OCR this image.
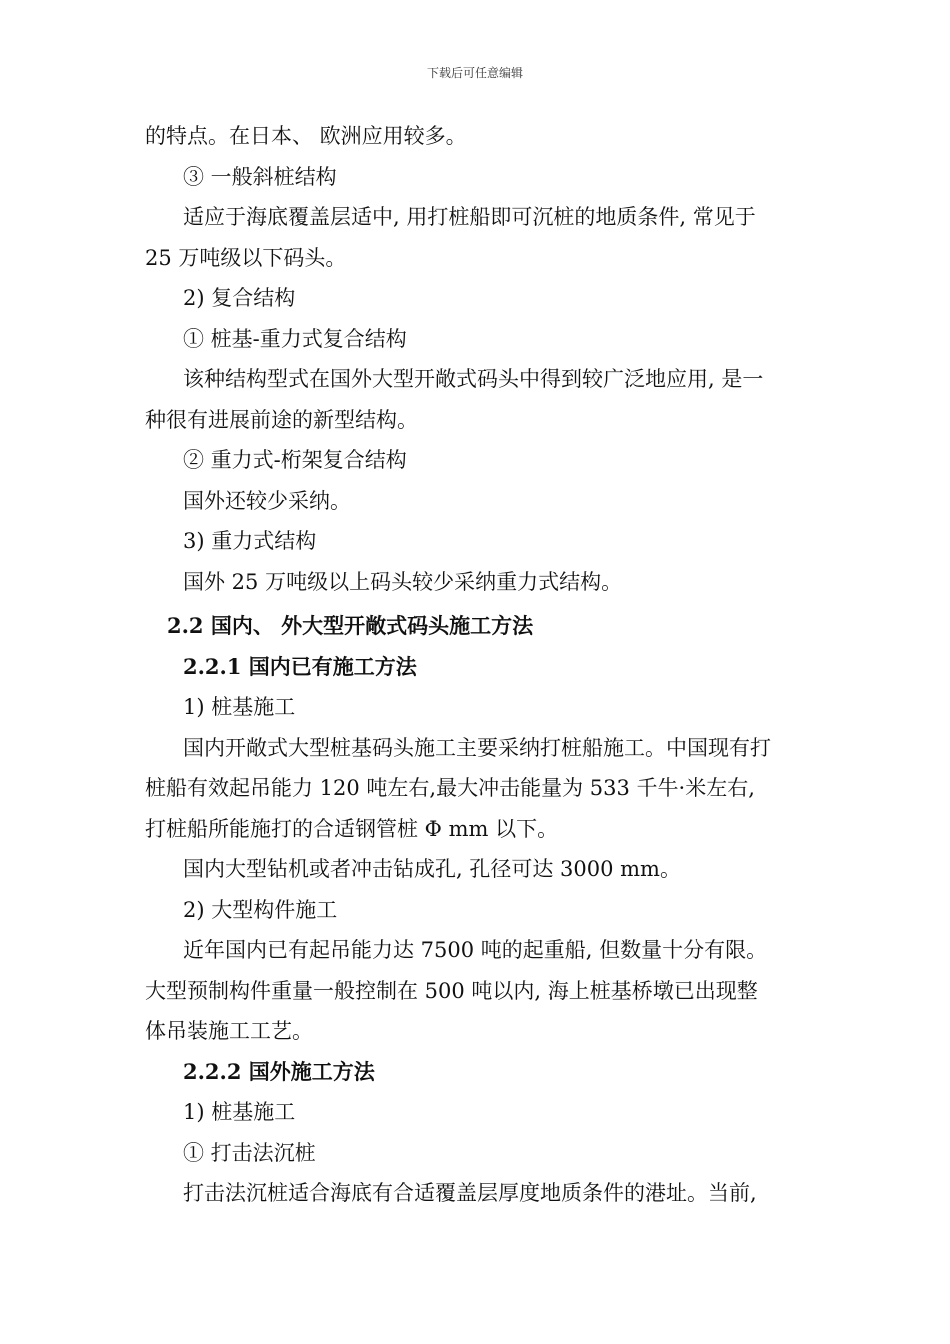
下载后可任意编辑
的特点。在日本、 欧洲应用较多。
③ 一般斜桩结构
适应于海底覆盖层适中, 用打桩船即可沉桩的地质条件, 常见于
25 万吨级以下码头。
2) 复合结构
① 桩基-重力式复合结构
该种结构型式在国外大型开敞式码头中得到较广泛地应用, 是一
种很有进展前途的新型结构。
② 重力式-桁架复合结构
国外还较少采纳。
3) 重力式结构
国外 25 万吨级以上码头较少采纳重力式结构。
2.2 国内、 外大型开敞式码头施工方法
2.2.1 国内已有施工方法
1) 桩基施工
国内开敞式大型桩基码头施工主要采纳打桩船施工。中国现有打
桩船有效起吊能力 120 吨左右,最大冲击能量为 533 千牛·米左右,
打桩船所能施打的合适钢管桩 Φ mm 以下。
国内大型钻机或者冲击钻成孔, 孔径可达 3000 mm。
2) 大型构件施工
近年国内已有起吊能力达 7500 吨的起重船, 但数量十分有限。
大型预制构件重量一般控制在 500 吨以内, 海上桩基桥墩已出现整
体吊装施工工艺。
2.2.2 国外施工方法
1) 桩基施工
① 打击法沉桩
打击法沉桩适合海底有合适覆盖层厚度地质条件的港址。当前,
